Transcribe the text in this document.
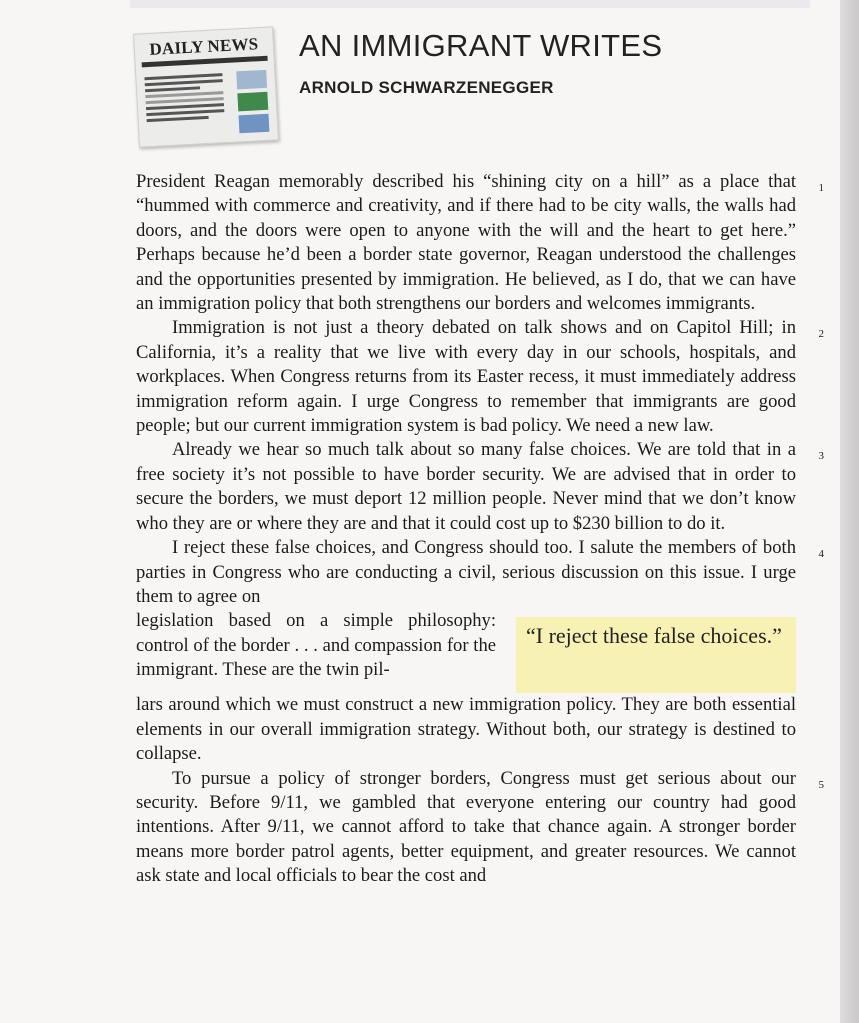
DAILY NEWS	AN IMMIGRANT WRITES
ARNOLD SCHWARZENEGGER

President Reagan memorably described his “shining city on a hill” as a place that “hummed with commerce and creativity, and if there had to be city walls, the walls had doors, and the doors were open to anyone with the will and the heart to get here.” Perhaps because he’d been a border state governor, Reagan understood the challenges and the opportunities presented by immigration. He believed, as I do, that we can have an immigration policy that both strengthens our borders and welcomes immigrants.
1

Immigration is not just a theory debated on talk shows and on Capitol Hill; in California, it’s a reality that we live with every day in our schools, hospitals, and workplaces. When Congress returns from its Easter recess, it must immediately address immigration reform again. I urge Congress to remember that immigrants are good people; but our current immigration system is bad policy. We need a new law.
2

Already we hear so much talk about so many false choices. We are told that in a free society it’s not possible to have border security. We are advised that in order to secure the borders, we must deport 12 million people. Never mind that we don’t know who they are or where they are and that it could cost up to $230 billion to do it.
3

I reject these false choices, and Congress should too. I salute the members of both parties in Congress who are conducting a civil, serious discussion on this issue. I urge them to agree on
4

legislation based on a simple philosophy: control of the border . . . and compassion for the immigrant. These are the twin pil-

“I reject these false choices.”

lars around which we must construct a new immigration policy. They are both essential elements in our overall immigration strategy. Without both, our strategy is destined to collapse.

To pursue a policy of stronger borders, Congress must get serious about our security. Before 9/11, we gambled that everyone entering our country had good intentions. After 9/11, we cannot afford to take that chance again. A stronger border means more border patrol agents, better equipment, and greater resources. We cannot ask state and local officials to bear the cost and
5
